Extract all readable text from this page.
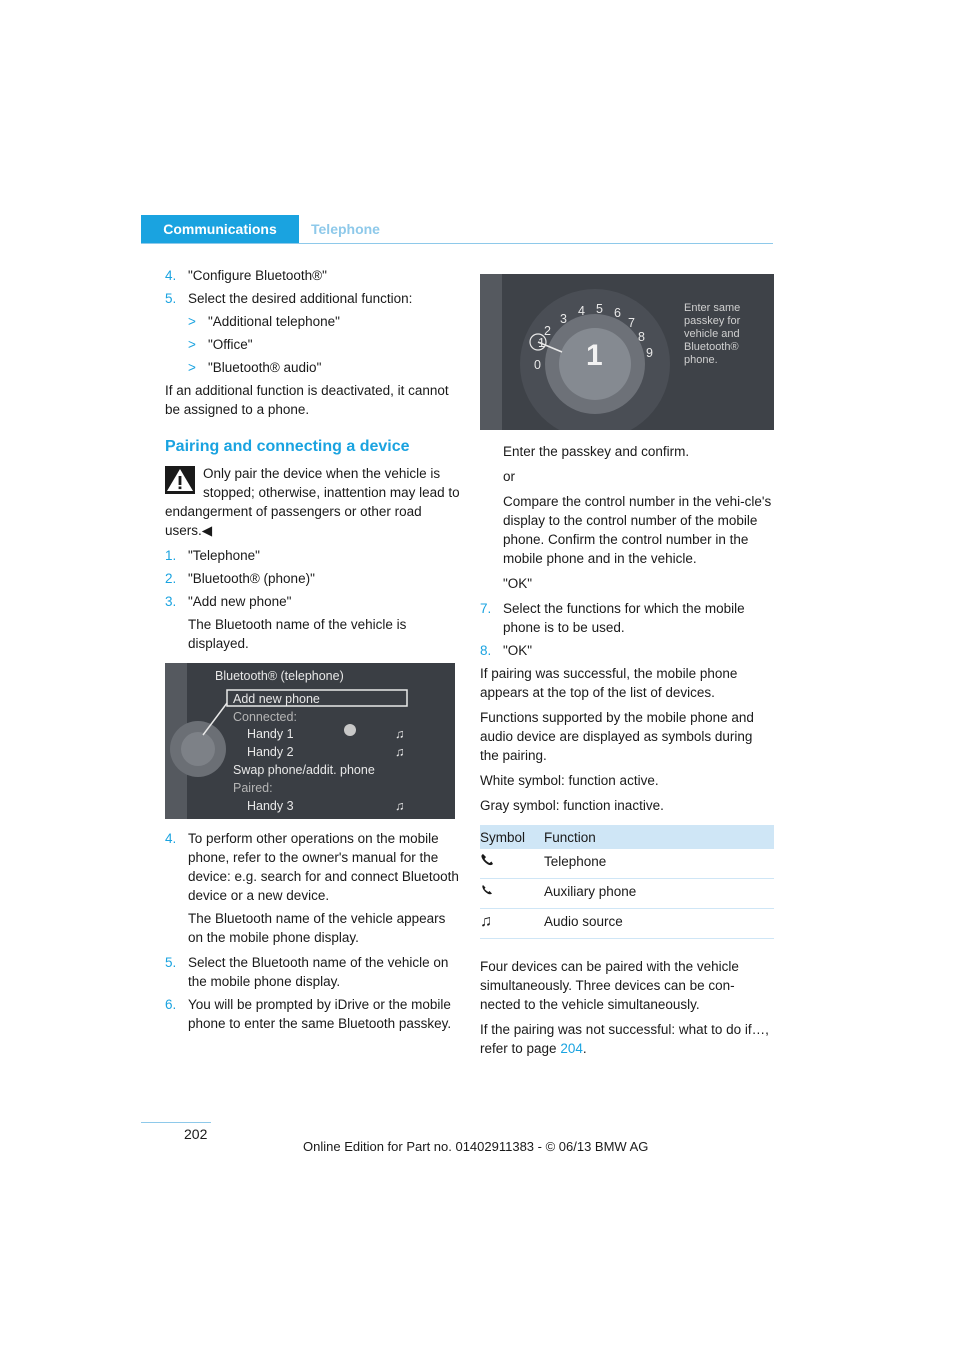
Communications	Telephone
4. "Configure Bluetooth®"
5. Select the desired additional function:
> "Additional telephone"
> "Office"
> "Bluetooth® audio"

If an additional function is deactivated, it cannot be assigned to a phone.

Pairing and connecting a device

Only pair the device when the vehicle is stopped; otherwise, inattention may lead to endangerment of passengers or other road users.◀

1. "Telephone"
2. "Bluetooth® (phone)"
3. "Add new phone"
The Bluetooth name of the vehicle is displayed.
Bluetooth® (telephone)
Add new phone
Connected:
Handy 1
Handy 2
Swap phone/addit. phone
Paired:
Handy 3
♫
♫
♫
4. To perform other operations on the mobile phone, refer to the owner's manual for the device: e.g. search for and connect Bluetooth device or a new device.
The Bluetooth name of the vehicle appears on the mobile phone display.
5. Select the Bluetooth name of the vehicle on the mobile phone display.
6. You will be prompted by iDrive or the mobile phone to enter the same Bluetooth passkey.
0
1
2
3
4 5 6
7
8
9
1
Enter same passkey for vehicle and Bluetooth® phone.
Enter the passkey and confirm.
or
Compare the control number in the vehi-cle's display to the control number of the mobile phone. Confirm the control number in the mobile phone and in the vehicle.
"OK"
7. Select the functions for which the mobile phone is to be used.
8. "OK"

If pairing was successful, the mobile phone appears at the top of the list of devices.

Functions supported by the mobile phone and audio device are displayed as symbols during the pairing.

White symbol: function active.

Gray symbol: function inactive.

Symbol	Function
	Telephone
	Auxiliary phone
♫	Audio source

Four devices can be paired with the vehicle simultaneously. Three devices can be con-nected to the vehicle simultaneously.

If the pairing was not successful: what to do if…, refer to page 204.

202
Online Edition for Part no. 01402911383 - © 06/13 BMW AG
